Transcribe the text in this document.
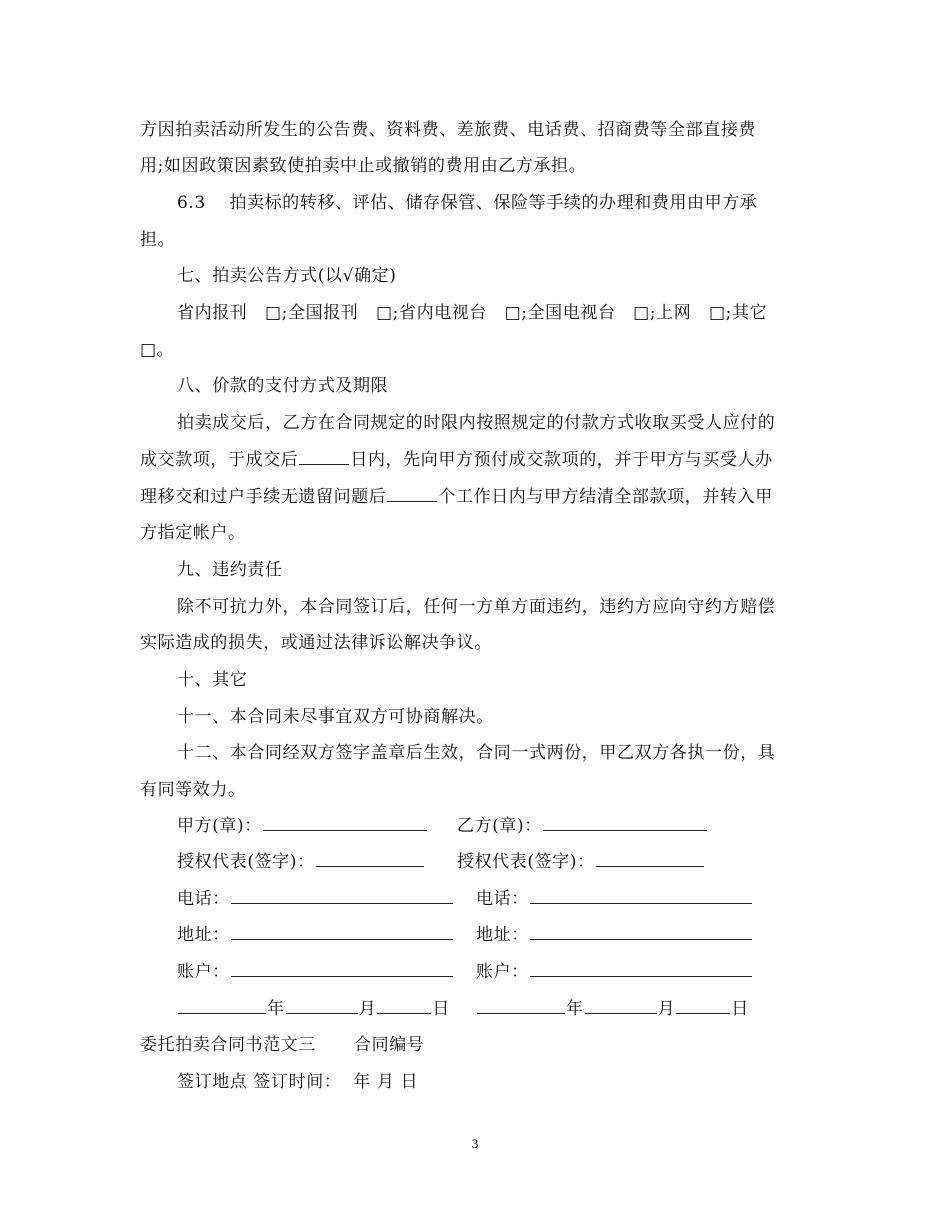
方因拍卖活动所发生的公告费、资料费、差旅费、电话费、招商费等全部直接费
用;如因政策因素致使拍卖中止或撤销的费用由乙方承担。
6.3　 拍卖标的转移、评估、储存保管、保险等手续的办理和费用由甲方承
担。
七、拍卖公告方式(以√确定)
省内报刊　□;全国报刊　□;省内电视台　□;全国电视台　□;上网　□;其它
□。
八、价款的支付方式及期限
拍卖成交后，乙方在合同规定的时限内按照规定的付款方式收取买受人应付的
成交款项，于成交后	日内，先向甲方预付成交款项的，并于甲方与买受人办
理移交和过户手续无遗留问题后	个工作日内与甲方结清全部款项，并转入甲
方指定帐户。
九、违约责任
除不可抗力外，本合同签订后，任何一方单方面违约，违约方应向守约方赔偿
实际造成的损失，或通过法律诉讼解决争议。
十、其它
十一、本合同未尽事宜双方可协商解决。
十二、本合同经双方签字盖章后生效，合同一式两份，甲乙双方各执一份，具
有同等效力。
甲方(章)：	乙方(章)：
授权代表(签字)：	授权代表(签字)：
电话：	电话：
地址：	地址：
账户：	账户：
年	月	日	年	月	日
委托拍卖合同书范文三 合同编号
签订地点 签订时间：  年 月 日
3
